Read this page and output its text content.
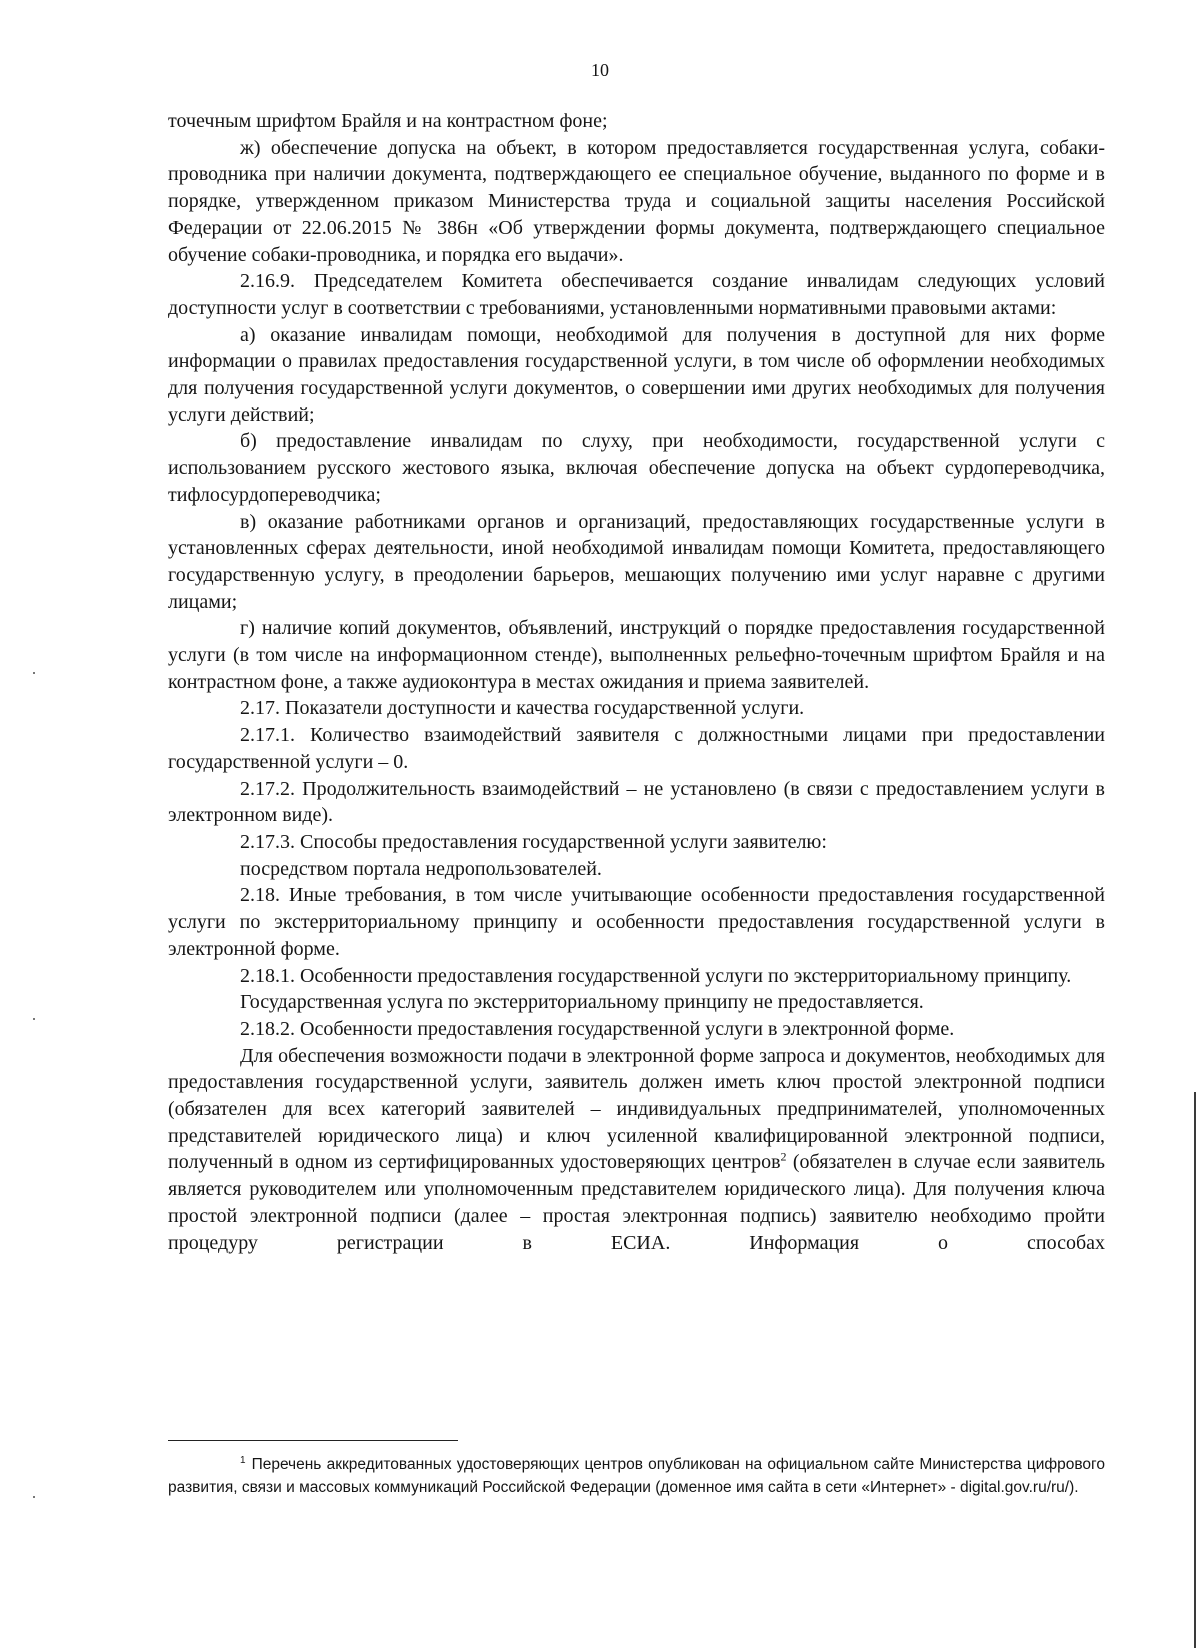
10

точечным шрифтом Брайля и на контрастном фоне;

ж) обеспечение допуска на объект, в котором предоставляется государственная услуга, собаки-проводника при наличии документа, подтверждающего ее специальное обучение, выданного по форме и в порядке, утвержденном приказом Министерства труда и социальной защиты населения Российской Федерации от 22.06.2015 № 386н «Об утверждении формы документа, подтверждающего специальное обучение собаки-проводника, и порядка его выдачи».

2.16.9. Председателем Комитета обеспечивается создание инвалидам следующих условий доступности услуг в соответствии с требованиями, установленными нормативными правовыми актами:

а) оказание инвалидам помощи, необходимой для получения в доступной для них форме информации о правилах предоставления государственной услуги, в том числе об оформлении необходимых для получения государственной услуги документов, о совершении ими других необходимых для получения услуги действий;

б) предоставление инвалидам по слуху, при необходимости, государственной услуги с использованием русского жестового языка, включая обеспечение допуска на объект сурдопереводчика, тифлосурдопереводчика;

в) оказание работниками органов и организаций, предоставляющих государственные услуги в установленных сферах деятельности, иной необходимой инвалидам помощи Комитета, предоставляющего государственную услугу, в преодолении барьеров, мешающих получению ими услуг наравне с другими лицами;

г) наличие копий документов, объявлений, инструкций о порядке предоставления государственной услуги (в том числе на информационном стенде), выполненных рельефно-точечным шрифтом Брайля и на контрастном фоне, а также аудиоконтура в местах ожидания и приема заявителей.

2.17. Показатели доступности и качества государственной услуги.

2.17.1. Количество взаимодействий заявителя с должностными лицами при предоставлении государственной услуги – 0.

2.17.2. Продолжительность взаимодействий – не установлено (в связи с предоставлением услуги в электронном виде).

2.17.3. Способы предоставления государственной услуги заявителю:

посредством портала недропользователей.

2.18. Иные требования, в том числе учитывающие особенности предоставления государственной услуги по экстерриториальному принципу и особенности предоставления государственной услуги в электронной форме.

2.18.1. Особенности предоставления государственной услуги по экстерриториальному принципу.

Государственная услуга по экстерриториальному принципу не предоставляется.

2.18.2. Особенности предоставления государственной услуги в электронной форме.

Для обеспечения возможности подачи в электронной форме запроса и документов, необходимых для предоставления государственной услуги, заявитель должен иметь ключ простой электронной подписи (обязателен для всех категорий заявителей – индивидуальных предпринимателей, уполномоченных представителей юридического лица) и ключ усиленной квалифицированной электронной подписи, полученный в одном из сертифицированных удостоверяющих центров$^2$ (обязателен в случае если заявитель является руководителем или уполномоченным представителем юридического лица). Для получения ключа простой электронной подписи (далее – простая электронная подпись) заявителю необходимо пройти процедуру регистрации в ЕСИА. Информация о способах

$^1$ Перечень аккредитованных удостоверяющих центров опубликован на официальном сайте Министерства цифрового развития, связи и массовых коммуникаций Российской Федерации (доменное имя сайта в сети «Интернет» - digital.gov.ru/ru/).
